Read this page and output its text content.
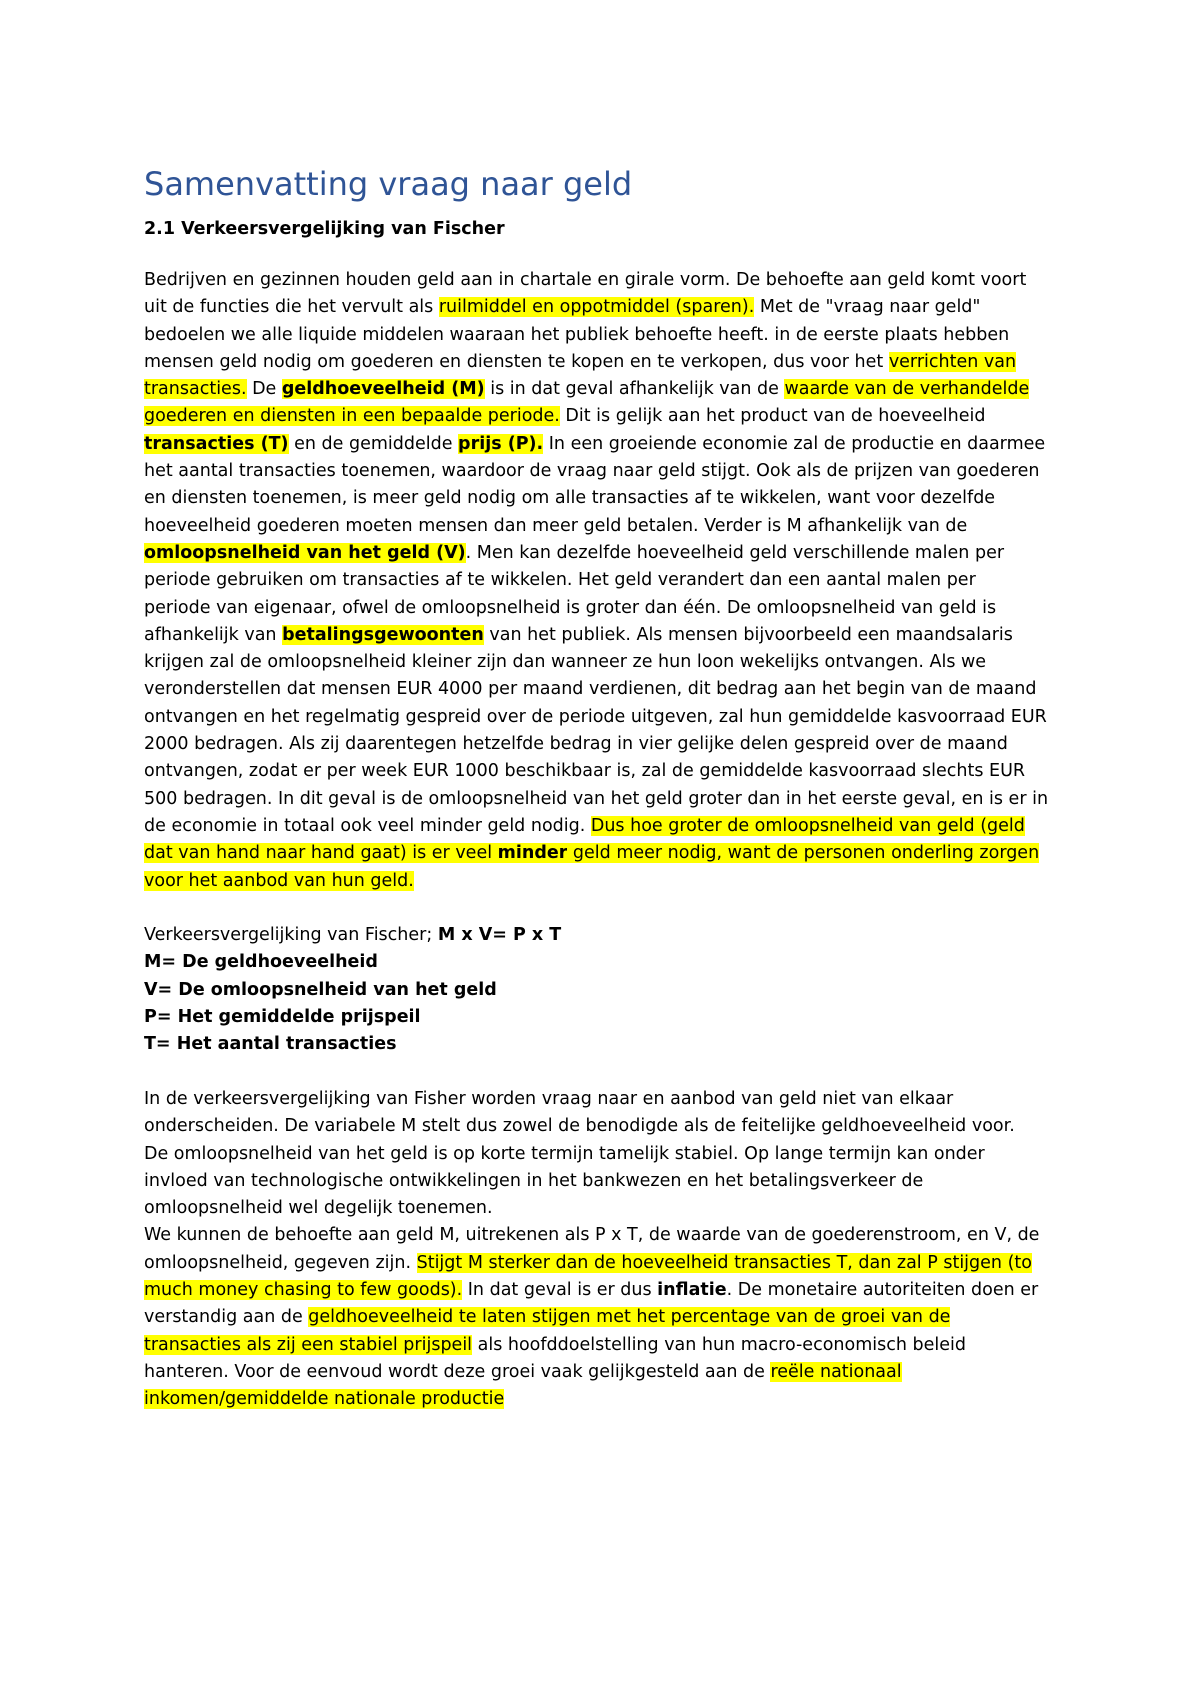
Samenvatting vraag naar geld
2.1 Verkeersvergelijking van Fischer
Bedrijven en gezinnen houden geld aan in chartale en girale vorm. De behoefte aan geld komt voort
uit de functies die het vervult als ruilmiddel en oppotmiddel (sparen). Met de "vraag naar geld"
bedoelen we alle liquide middelen waaraan het publiek behoefte heeft. in de eerste plaats hebben
mensen geld nodig om goederen en diensten te kopen en te verkopen, dus voor het verrichten van
transacties. De geldhoeveelheid (M) is in dat geval afhankelijk van de waarde van de verhandelde
goederen en diensten in een bepaalde periode. Dit is gelijk aan het product van de hoeveelheid
transacties (T) en de gemiddelde prijs (P). In een groeiende economie zal de productie en daarmee
het aantal transacties toenemen, waardoor de vraag naar geld stijgt. Ook als de prijzen van goederen
en diensten toenemen, is meer geld nodig om alle transacties af te wikkelen, want voor dezelfde
hoeveelheid goederen moeten mensen dan meer geld betalen. Verder is M afhankelijk van de
omloopsnelheid van het geld (V). Men kan dezelfde hoeveelheid geld verschillende malen per
periode gebruiken om transacties af te wikkelen. Het geld verandert dan een aantal malen per
periode van eigenaar, ofwel de omloopsnelheid is groter dan één. De omloopsnelheid van geld is
afhankelijk van betalingsgewoonten van het publiek. Als mensen bijvoorbeeld een maandsalaris
krijgen zal de omloopsnelheid kleiner zijn dan wanneer ze hun loon wekelijks ontvangen. Als we
veronderstellen dat mensen EUR 4000 per maand verdienen, dit bedrag aan het begin van de maand
ontvangen en het regelmatig gespreid over de periode uitgeven, zal hun gemiddelde kasvoorraad EUR
2000 bedragen. Als zij daarentegen hetzelfde bedrag in vier gelijke delen gespreid over de maand
ontvangen, zodat er per week EUR 1000 beschikbaar is, zal de gemiddelde kasvoorraad slechts EUR
500 bedragen. In dit geval is de omloopsnelheid van het geld groter dan in het eerste geval, en is er in
de economie in totaal ook veel minder geld nodig. Dus hoe groter de omloopsnelheid van geld (geld
dat van hand naar hand gaat) is er veel minder geld meer nodig, want de personen onderling zorgen
voor het aanbod van hun geld.
Verkeersvergelijking van Fischer; M x V= P x T
M= De geldhoeveelheid
V= De omloopsnelheid van het geld
P= Het gemiddelde prijspeil
T= Het aantal transacties
In de verkeersvergelijking van Fisher worden vraag naar en aanbod van geld niet van elkaar
onderscheiden. De variabele M stelt dus zowel de benodigde als de feitelijke geldhoeveelheid voor.
De omloopsnelheid van het geld is op korte termijn tamelijk stabiel. Op lange termijn kan onder
invloed van technologische ontwikkelingen in het bankwezen en het betalingsverkeer de
omloopsnelheid wel degelijk toenemen.
We kunnen de behoefte aan geld M, uitrekenen als P x T, de waarde van de goederenstroom, en V, de
omloopsnelheid, gegeven zijn. Stijgt M sterker dan de hoeveelheid transacties T, dan zal P stijgen (to
much money chasing to few goods). In dat geval is er dus inflatie. De monetaire autoriteiten doen er
verstandig aan de geldhoeveelheid te laten stijgen met het percentage van de groei van de
transacties als zij een stabiel prijspeil als hoofddoelstelling van hun macro-economisch beleid
hanteren. Voor de eenvoud wordt deze groei vaak gelijkgesteld aan de reële nationaal
inkomen/gemiddelde nationale productie
